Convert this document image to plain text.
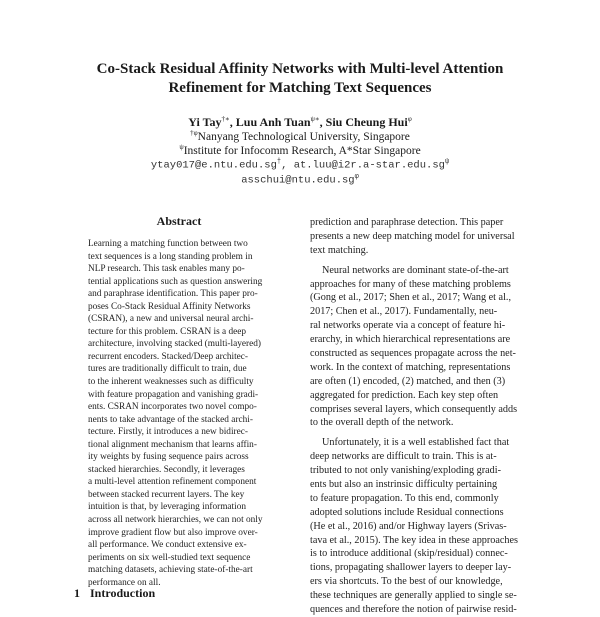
Co-Stack Residual Affinity Networks with Multi-level Attention
Refinement for Matching Text Sequences
Yi Tay†∗, Luu Anh Tuan$^{\psi∗}$, Siu Cheung Hui$^\varphi$
$^{\dagger\varphi}$Nanyang Technological University, Singapore
$^\psi$Institute for Infocomm Research, A*Star Singapore
ytay017@e.ntu.edu.sg†, $at.luu@i2r.a-star.edu.sg^\psi$
$asschui@ntu.edu.sg^\varphi$
Abstract
Learning a matching function between two
text sequences is a long standing problem in
NLP research. This task enables many po-
tential applications such as question answering
and paraphrase identification. This paper pro-
poses Co-Stack Residual Affinity Networks
(CSRAN), a new and universal neural archi-
tecture for this problem. CSRAN is a deep
architecture, involving stacked (multi-layered)
recurrent encoders. Stacked/Deep architec-
tures are traditionally difficult to train, due
to the inherent weaknesses such as difficulty
with feature propagation and vanishing gradi-
ents. CSRAN incorporates two novel compo-
nents to take advantage of the stacked archi-
tecture. Firstly, it introduces a new bidirec-
tional alignment mechanism that learns affin-
ity weights by fusing sequence pairs across
stacked hierarchies. Secondly, it leverages
a multi-level attention refinement component
between stacked recurrent layers. The key
intuition is that, by leveraging information
across all network hierarchies, we can not only
improve gradient flow but also improve over-
all performance. We conduct extensive ex-
periments on six well-studied text sequence
matching datasets, achieving state-of-the-art
performance on all.
1 Introduction
prediction and paraphrase detection. This paper
presents a new deep matching model for universal
text matching.
Neural networks are dominant state-of-the-art
approaches for many of these matching problems
(Gong et al., 2017; Shen et al., 2017; Wang et al.,
2017; Chen et al., 2017). Fundamentally, neu-
ral networks operate via a concept of feature hi-
erarchy, in which hierarchical representations are
constructed as sequences propagate across the net-
work. In the context of matching, representations
are often (1) encoded, (2) matched, and then (3)
aggregated for prediction. Each key step often
comprises several layers, which consequently adds
to the overall depth of the network.
Unfortunately, it is a well established fact that
deep networks are difficult to train. This is at-
tributed to not only vanishing/exploding gradi-
ents but also an instrinsic difficulty pertaining
to feature propagation. To this end, commonly
adopted solutions include Residual connections
(He et al., 2016) and/or Highway layers (Srivas-
tava et al., 2015). The key idea in these approaches
is to introduce additional (skip/residual) connec-
tions, propagating shallower layers to deeper lay-
ers via shortcuts. To the best of our knowledge,
these techniques are generally applied to single se-
quences and therefore the notion of pairwise resid-
